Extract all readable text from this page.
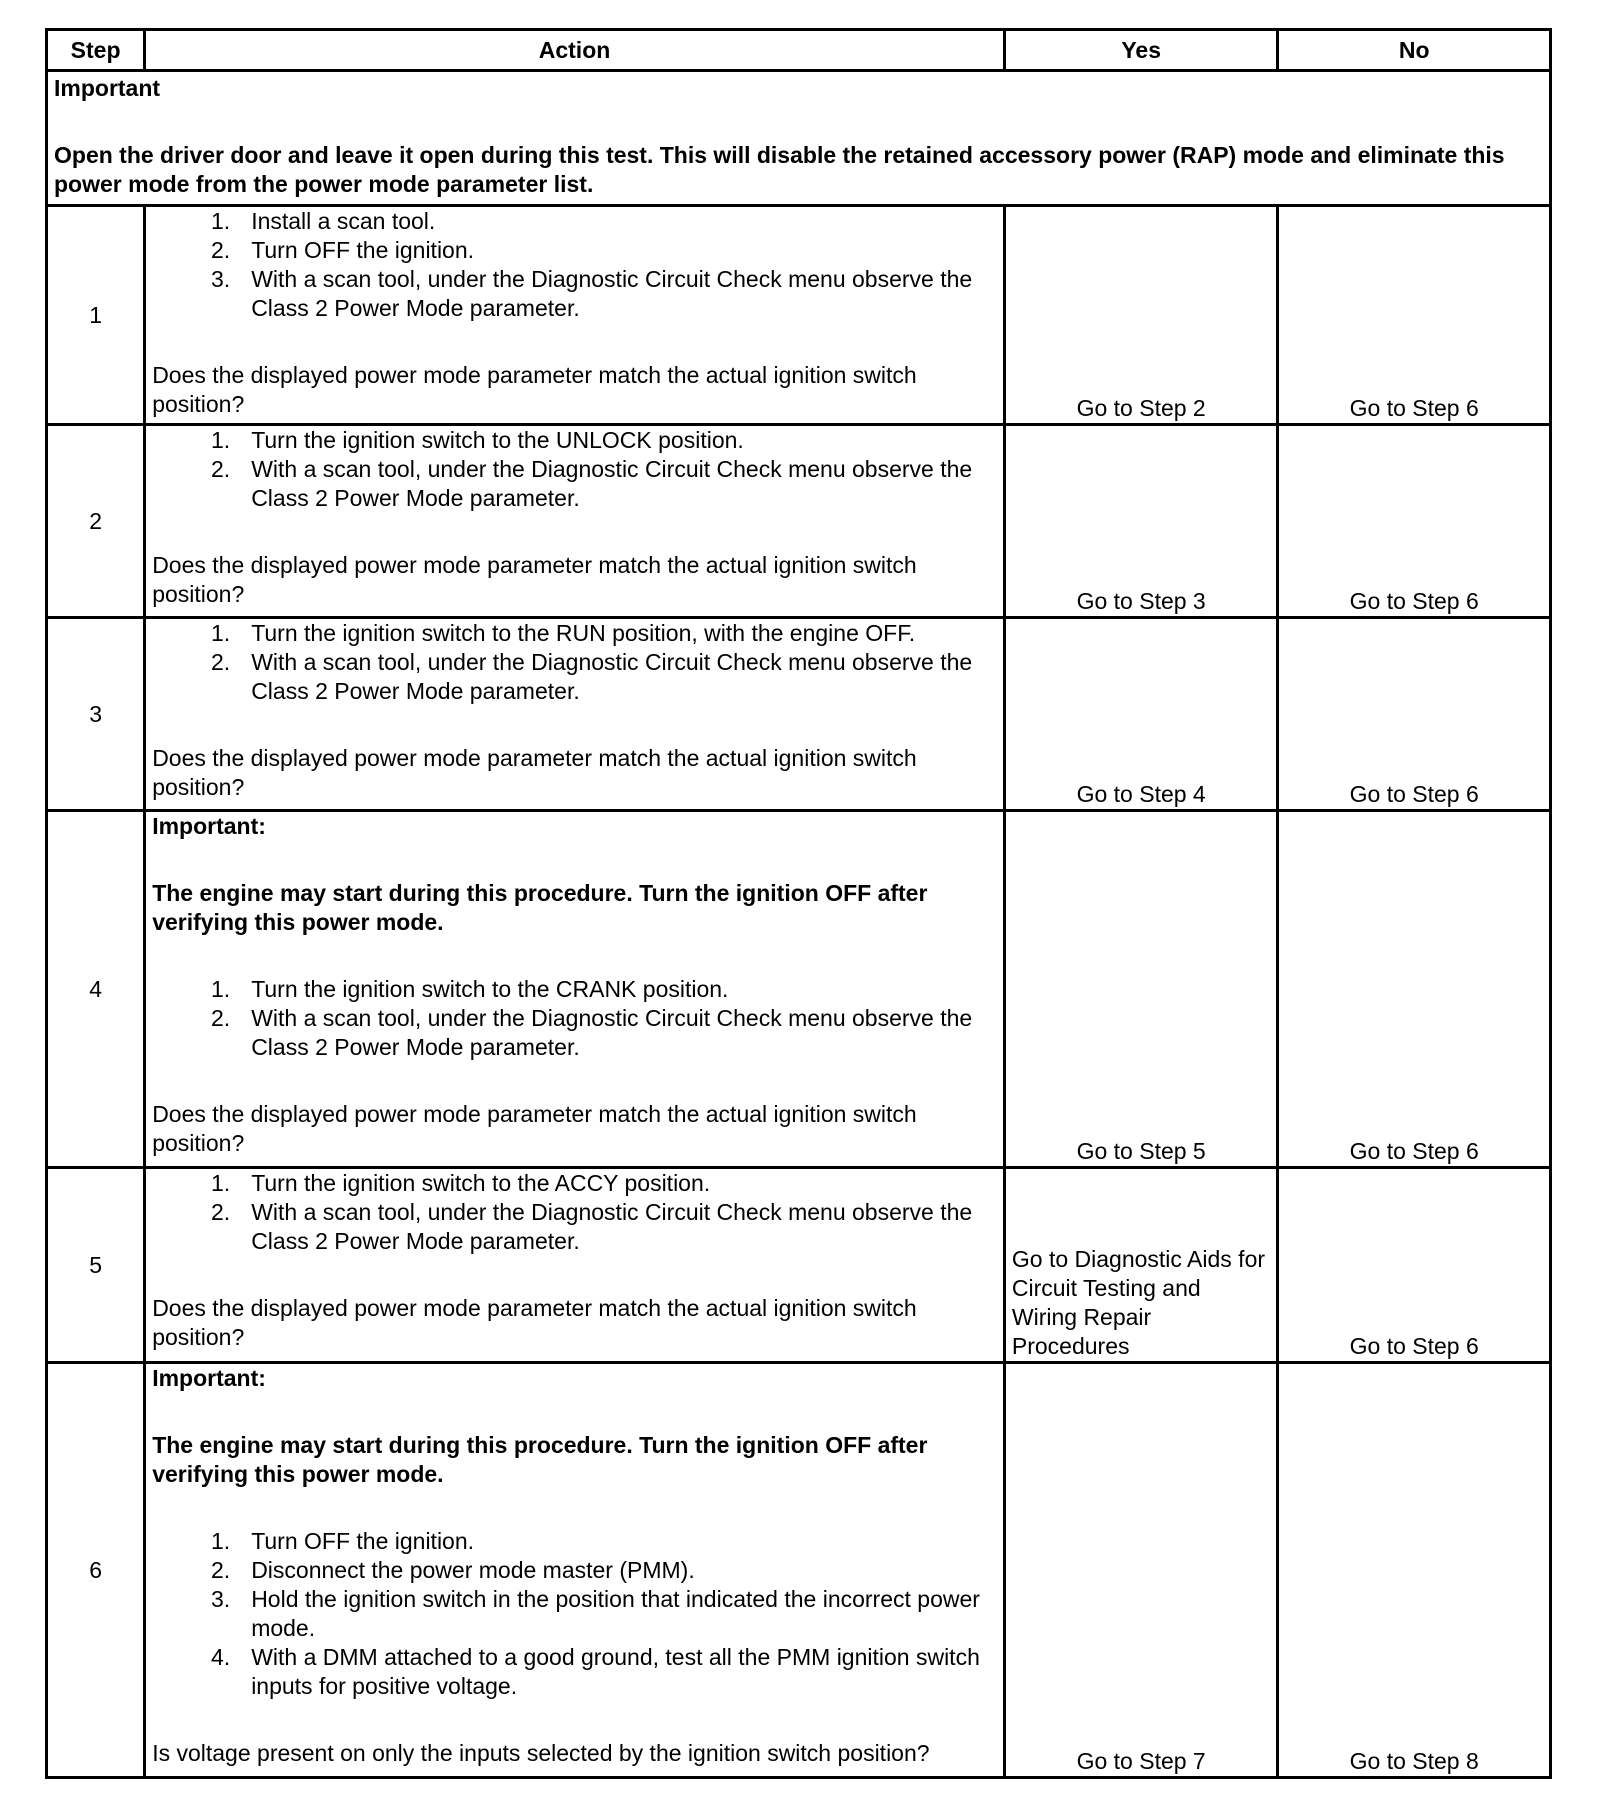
Step	Action	Yes	No

Important
Open the driver door and leave it open during this test. This will disable the retained accessory power (RAP) mode and eliminate this power mode from the power mode parameter list.			
1	
1. Install a scan tool.
2. Turn OFF the ignition.
3. With a scan tool, under the Diagnostic Circuit Check menu observe the Class 2 Power Mode parameter.
Does the displayed power mode parameter match the actual ignition switch position?	Go to Step 2	Go to Step 6
2	
1. Turn the ignition switch to the UNLOCK position.
2. With a scan tool, under the Diagnostic Circuit Check menu observe the Class 2 Power Mode parameter.
Does the displayed power mode parameter match the actual ignition switch position?	Go to Step 3	Go to Step 6
3	
1. Turn the ignition switch to the RUN position, with the engine OFF.
2. With a scan tool, under the Diagnostic Circuit Check menu observe the Class 2 Power Mode parameter.
Does the displayed power mode parameter match the actual ignition switch position?	Go to Step 4	Go to Step 6
4	Important:
The engine may start during this procedure. Turn the ignition OFF after verifying this power mode.
1. Turn the ignition switch to the CRANK position.
2. With a scan tool, under the Diagnostic Circuit Check menu observe the Class 2 Power Mode parameter.
Does the displayed power mode parameter match the actual ignition switch position?	Go to Step 5	Go to Step 6
5	
1. Turn the ignition switch to the ACCY position.
2. With a scan tool, under the Diagnostic Circuit Check menu observe the Class 2 Power Mode parameter.
Does the displayed power mode parameter match the actual ignition switch position?
	Go to Diagnostic Aids for Circuit Testing and Wiring Repair Procedures	Go to Step 6
6	Important:
The engine may start during this procedure. Turn the ignition OFF after verifying this power mode.
1. Turn OFF the ignition.
2. Disconnect the power mode master (PMM).
3. Hold the ignition switch in the position that indicated the incorrect power mode.
4. With a DMM attached to a good ground, test all the PMM ignition switch inputs for positive voltage.
Is voltage present on only the inputs selected by the ignition switch position?	Go to Step 7	Go to Step 8
